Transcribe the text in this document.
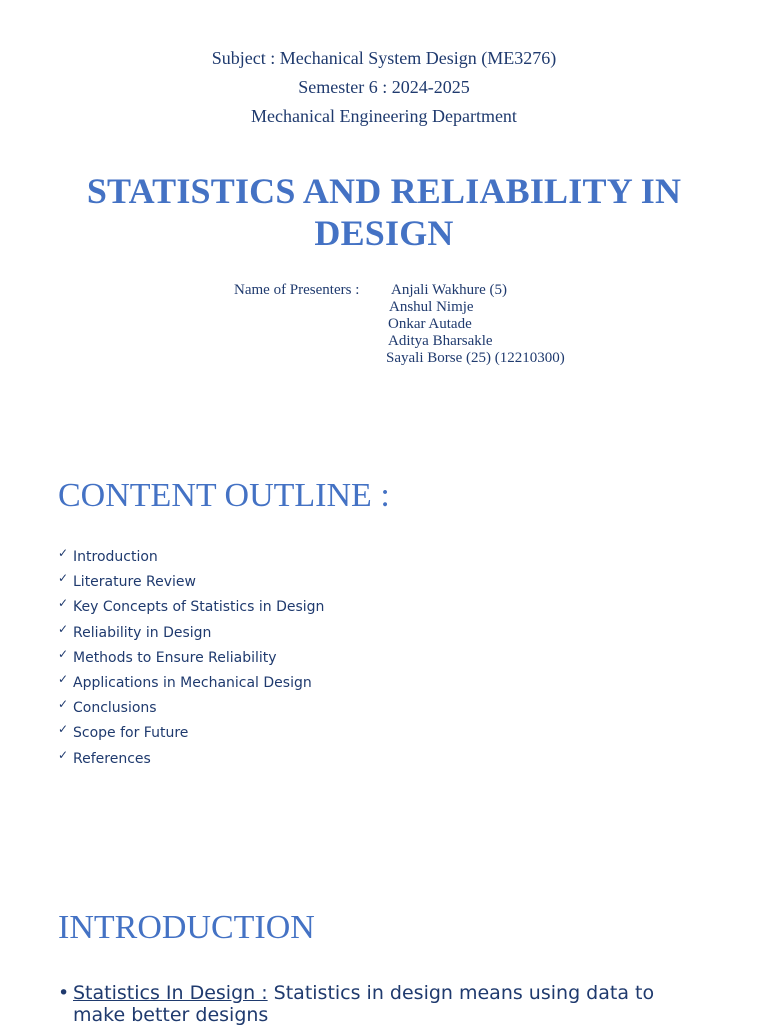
Subject : Mechanical System Design (ME3276)
Semester 6 : 2024-2025
Mechanical Engineering Department
STATISTICS AND RELIABILITY IN DESIGN
Name of Presenters :	Anjali Wakhure (5)
Anshul Nimje
Onkar Autade
Aditya Bharsakle
Sayali Borse (25) (12210300)
CONTENT OUTLINE :
✓ Introduction
✓ Literature Review
✓ Key Concepts of Statistics in Design
✓ Reliability in Design
✓ Methods to Ensure Reliability
✓ Applications in Mechanical Design
✓ Conclusions
✓ Scope for Future
✓ References
INTRODUCTION
• Statistics In Design : Statistics in design means using data to make better designs
